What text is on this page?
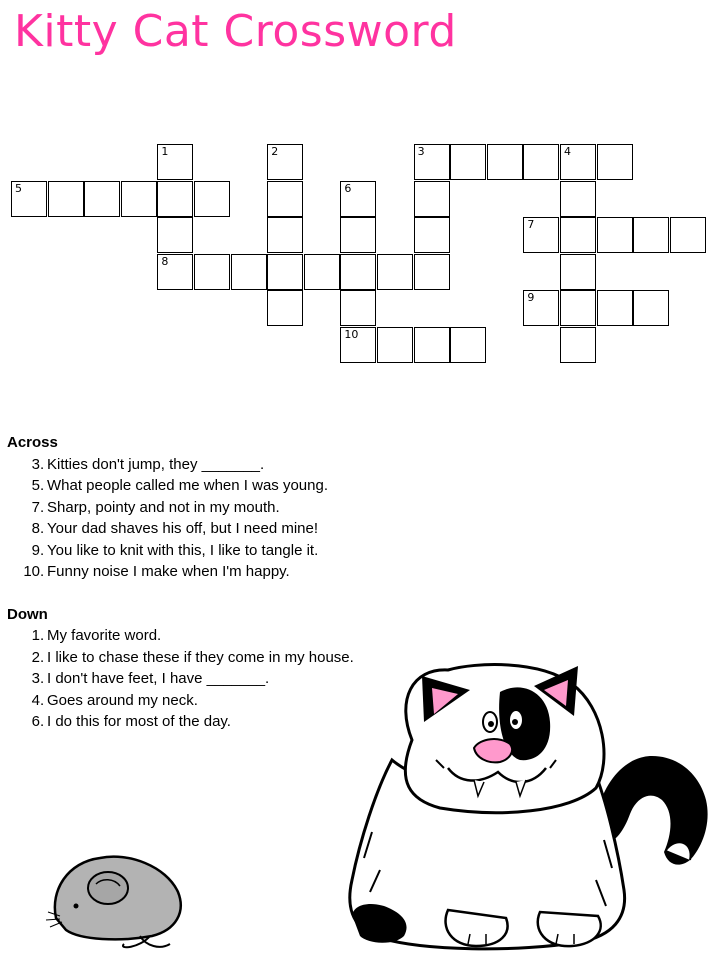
Kitty Cat Crossword
1
8
2	3	4
5	6
7
9
10
Across
3 . Kitties don't jump, they _______.
5 . What people called me when I was young.
7 . Sharp, pointy and not in my mouth.
8 . Your dad shaves his off, but I need mine!
9 . You like to knit with this, I like to tangle it.
10 . Funny noise I make when I'm happy.
Down
1 . My favorite word.
2 . I like to chase these if they come in my house.
3 . I don't have feet, I have _______.
4 . Goes around my neck.
6 . I do this for most of the day.
